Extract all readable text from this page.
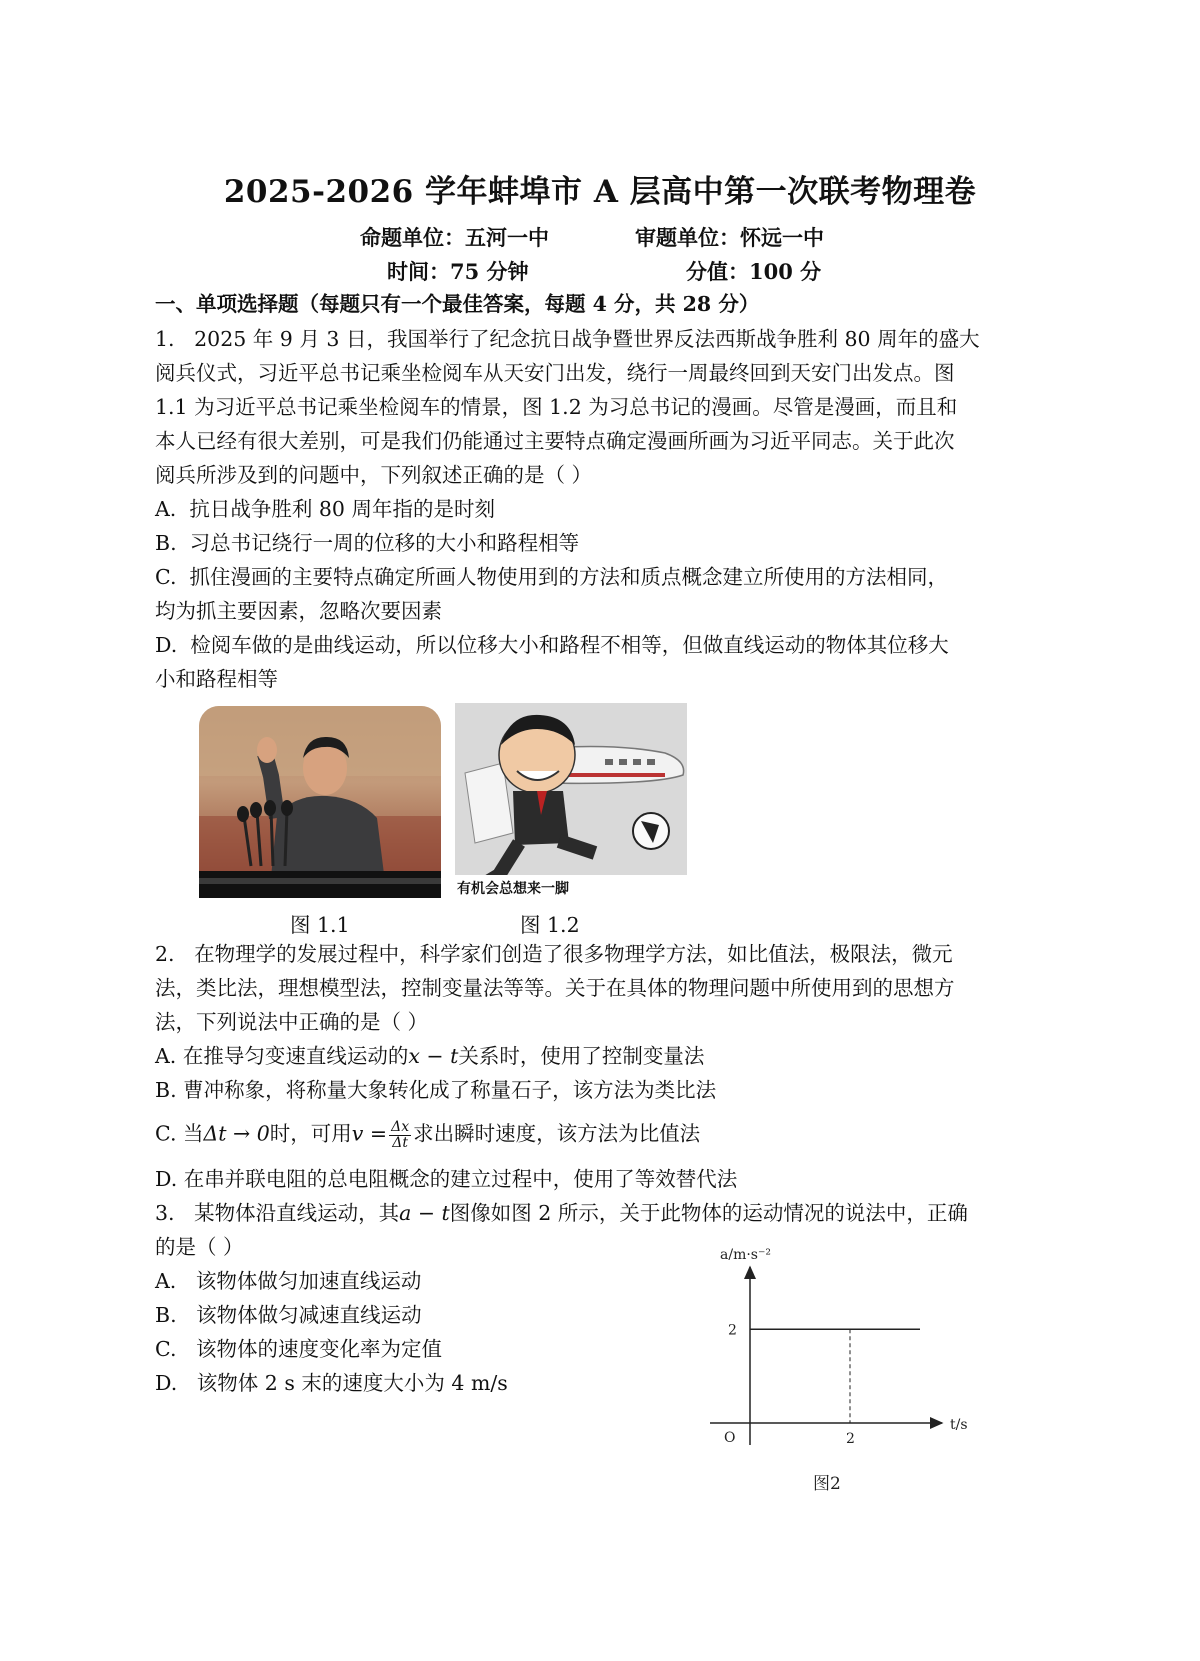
2025-2026 学年蚌埠市 A 层高中第一次联考物理卷
命题单位：五河一中	审题单位：怀远一中
时间：75 分钟	分值：100 分
一、单项选择题（每题只有一个最佳答案，每题 4 分，共 28 分）
1.   2025 年 9 月 3 日，我国举行了纪念抗日战争暨世界反法西斯战争胜利 80 周年的盛大
阅兵仪式，习近平总书记乘坐检阅车从天安门出发，绕行一周最终回到天安门出发点。图
1.1 为习近平总书记乘坐检阅车的情景，图 1.2 为习总书记的漫画。尽管是漫画，而且和
本人已经有很大差别，可是我们仍能通过主要特点确定漫画所画为习近平同志。关于此次
阅兵所涉及到的问题中，下列叙述正确的是（ ）
A.  抗日战争胜利 80 周年指的是时刻
B.  习总书记绕行一周的位移的大小和路程相等
C.  抓住漫画的主要特点确定所画人物使用到的方法和质点概念建立所使用的方法相同，
均为抓主要因素，忽略次要因素
D.  检阅车做的是曲线运动，所以位移大小和路程不相等，但做直线运动的物体其位移大
小和路程相等
有机会总想来一脚
图 1.1	图 1.2
2.   在物理学的发展过程中，科学家们创造了很多物理学方法，如比值法，极限法，微元
法，类比法，理想模型法，控制变量法等等。关于在具体的物理问题中所使用到的思想方
法，下列说法中正确的是（ ）
A. 在推导匀变速直线运动的x − t关系时，使用了控制变量法
B. 曹冲称象，将称量大象转化成了称量石子，该方法为类比法
C. 当Δt → 0时，可用$v = \frac{\Delta x}{\Delta t}$ 求出瞬时速度，该方法为比值法
D. 在串并联电阻的总电阻概念的建立过程中，使用了等效替代法
3.   某物体沿直线运动，其a − t图像如图 2 所示，关于此物体的运动情况的说法中，正确
的是（ ）
A.   该物体做匀加速直线运动
B.   该物体做匀减速直线运动
C.   该物体的速度变化率为定值
D.   该物体 2 s 末的速度大小为 4 m/s
a/m·s⁻²
t/s
O
2
2
图2
